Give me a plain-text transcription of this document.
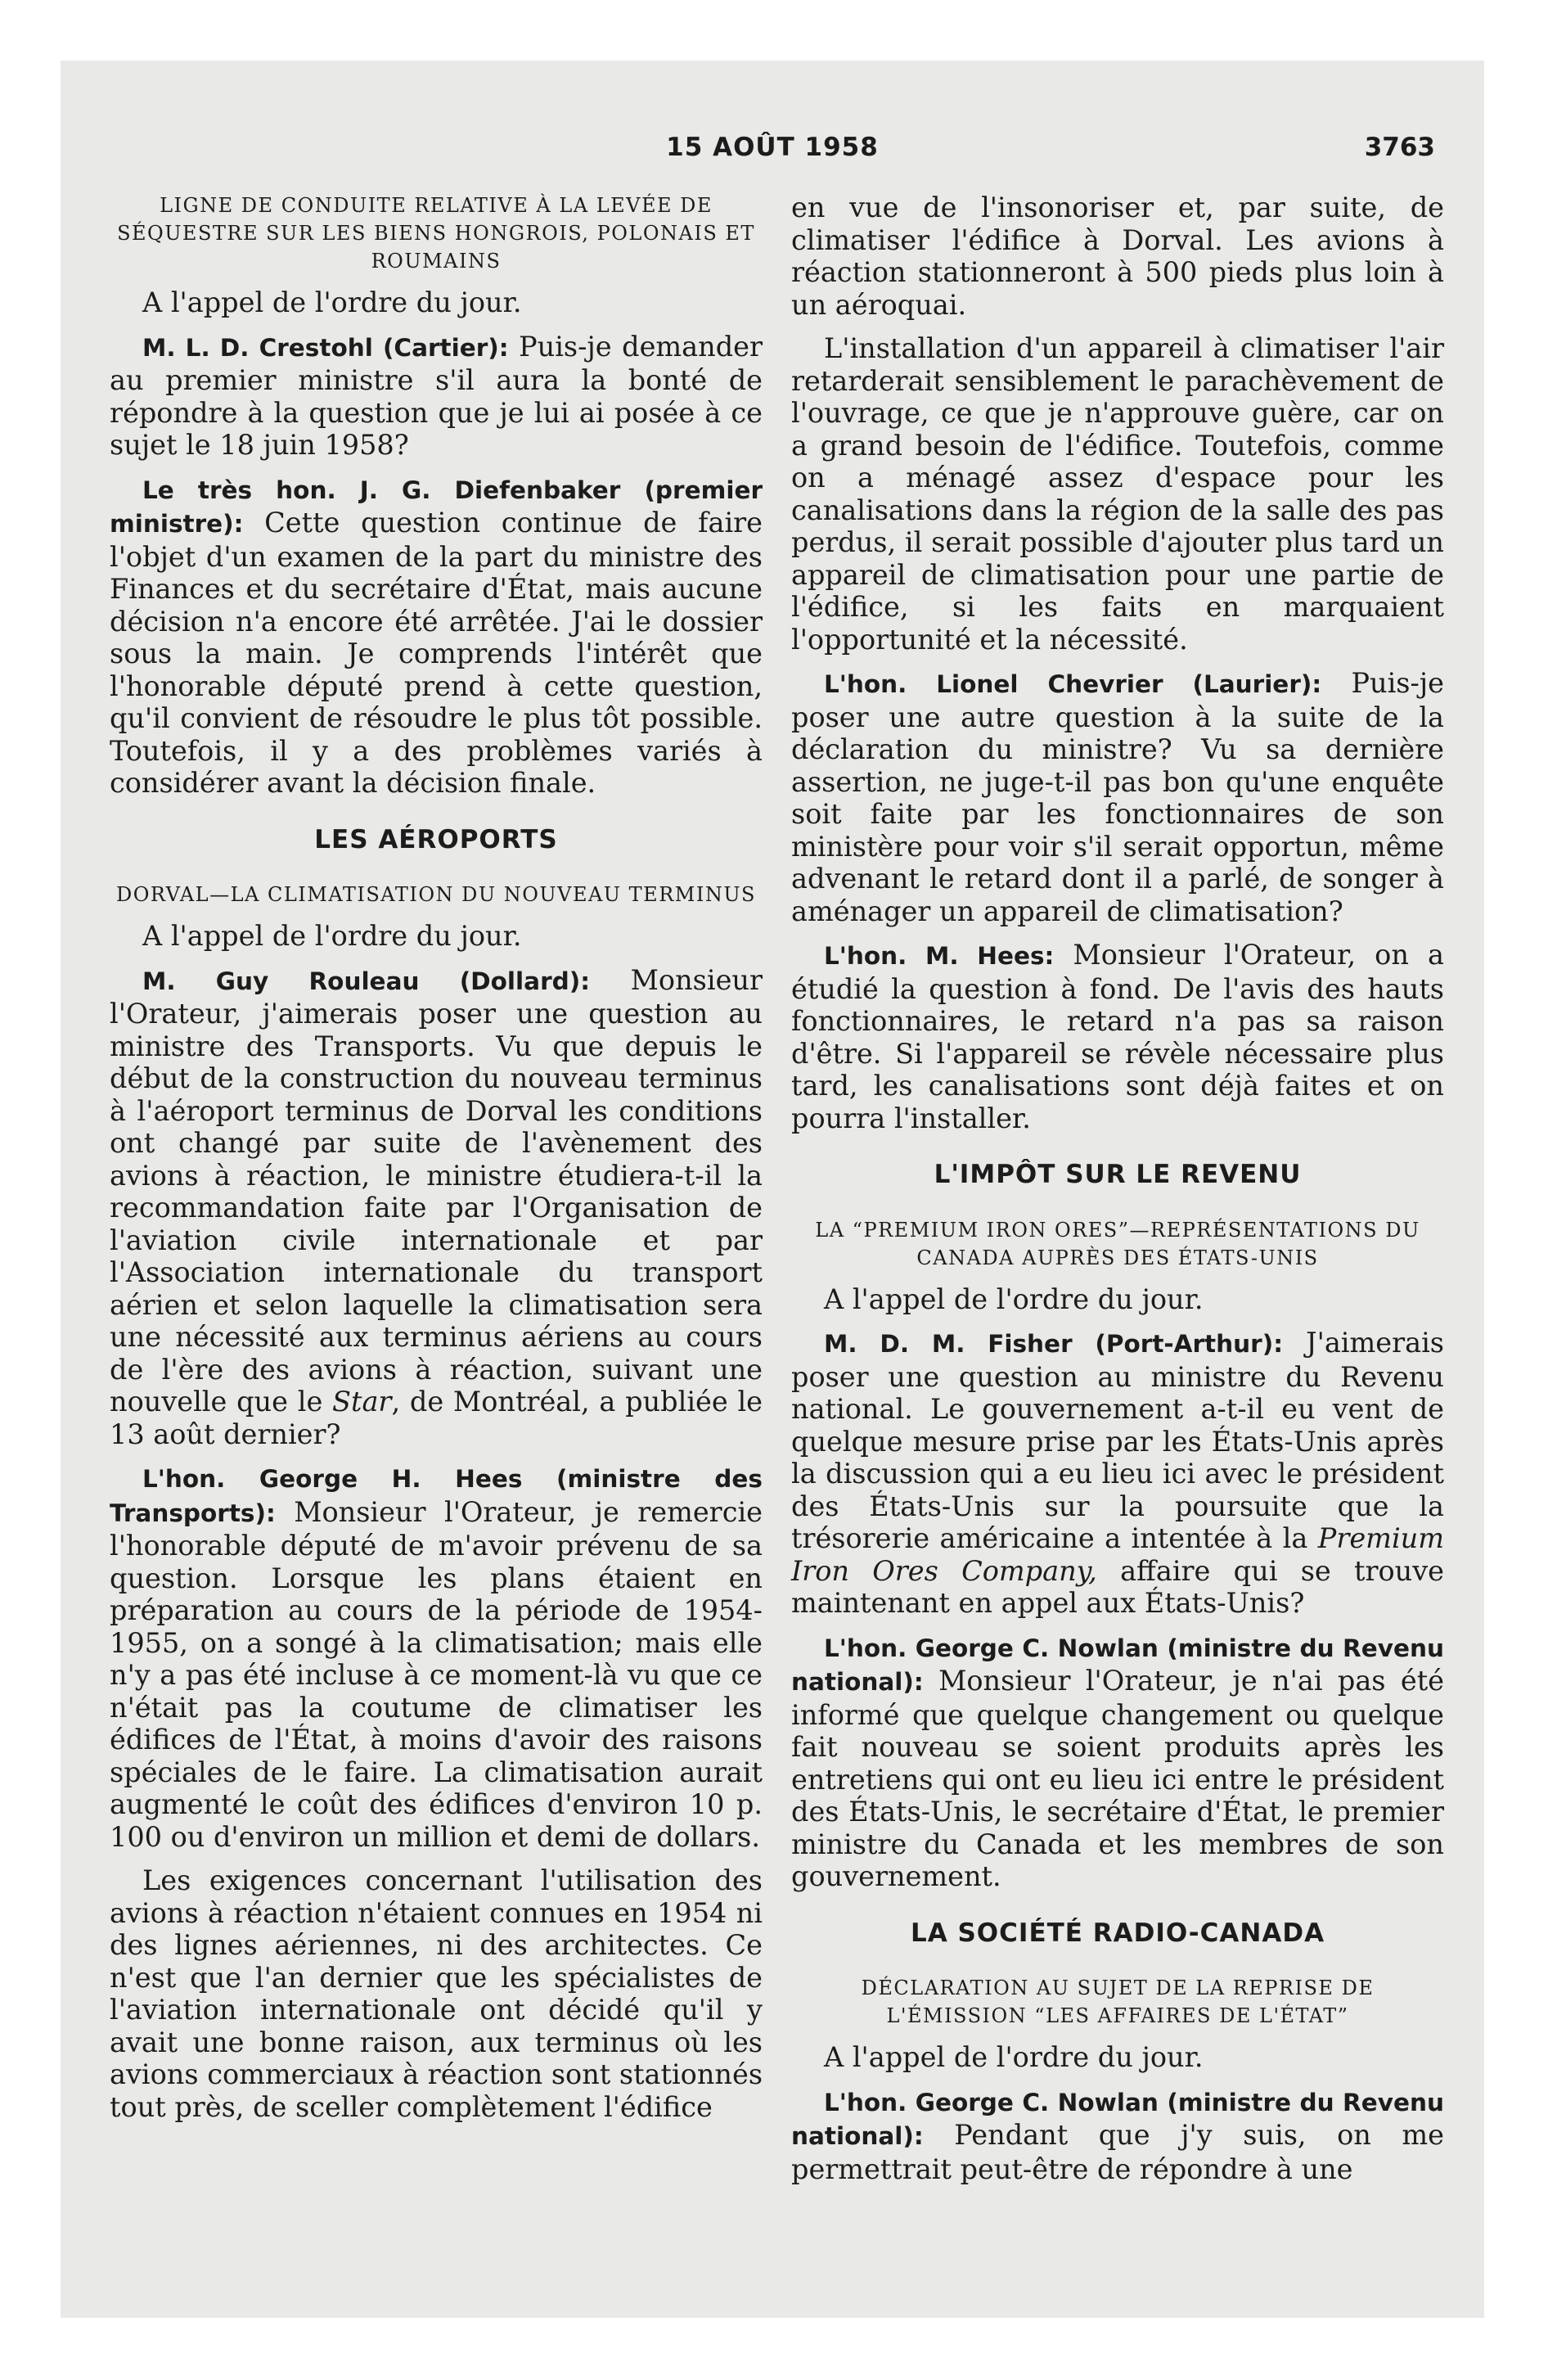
15 AOÛT 1958	3763
LIGNE DE CONDUITE RELATIVE À LA LEVÉE DE SÉQUESTRE SUR LES BIENS HONGROIS, POLONAIS ET ROUMAINS

A l'appel de l'ordre du jour.

M. L. D. Crestohl (Cartier): Puis-je demander au premier ministre s'il aura la bonté de répondre à la question que je lui ai posée à ce sujet le 18 juin 1958?

Le très hon. J. G. Diefenbaker (premier ministre): Cette question continue de faire l'objet d'un examen de la part du ministre des Finances et du secrétaire d'État, mais aucune décision n'a encore été arrêtée. J'ai le dossier sous la main. Je comprends l'intérêt que l'honorable député prend à cette question, qu'il convient de résoudre le plus tôt possible. Toutefois, il y a des problèmes variés à considérer avant la décision finale.

LES AÉROPORTS
DORVAL—LA CLIMATISATION DU NOUVEAU TERMINUS

A l'appel de l'ordre du jour.

M. Guy Rouleau (Dollard): Monsieur l'Orateur, j'aimerais poser une question au ministre des Transports. Vu que depuis le début de la construction du nouveau terminus à l'aéroport terminus de Dorval les conditions ont changé par suite de l'avènement des avions à réaction, le ministre étudiera-t-il la recommandation faite par l'Organisation de l'aviation civile internationale et par l'Association internationale du transport aérien et selon laquelle la climatisation sera une nécessité aux terminus aériens au cours de l'ère des avions à réaction, suivant une nouvelle que le Star, de Montréal, a publiée le 13 août dernier?

L'hon. George H. Hees (ministre des Transports): Monsieur l'Orateur, je remercie l'honorable député de m'avoir prévenu de sa question. Lorsque les plans étaient en préparation au cours de la période de 1954-1955, on a songé à la climatisation; mais elle n'y a pas été incluse à ce moment-là vu que ce n'était pas la coutume de climatiser les édifices de l'État, à moins d'avoir des raisons spéciales de le faire. La climatisation aurait augmenté le coût des édifices d'environ 10 p. 100 ou d'environ un million et demi de dollars.

Les exigences concernant l'utilisation des avions à réaction n'étaient connues en 1954 ni des lignes aériennes, ni des architectes. Ce n'est que l'an dernier que les spécialistes de l'aviation internationale ont décidé qu'il y avait une bonne raison, aux terminus où les avions commerciaux à réaction sont stationnés tout près, de sceller complètement l'édifice

en vue de l'insonoriser et, par suite, de climatiser l'édifice à Dorval. Les avions à réaction stationneront à 500 pieds plus loin à un aéroquai.

L'installation d'un appareil à climatiser l'air retarderait sensiblement le parachèvement de l'ouvrage, ce que je n'approuve guère, car on a grand besoin de l'édifice. Toutefois, comme on a ménagé assez d'espace pour les canalisations dans la région de la salle des pas perdus, il serait possible d'ajouter plus tard un appareil de climatisation pour une partie de l'édifice, si les faits en marquaient l'opportunité et la nécessité.

L'hon. Lionel Chevrier (Laurier): Puis-je poser une autre question à la suite de la déclaration du ministre? Vu sa dernière assertion, ne juge-t-il pas bon qu'une enquête soit faite par les fonctionnaires de son ministère pour voir s'il serait opportun, même advenant le retard dont il a parlé, de songer à aménager un appareil de climatisation?

L'hon. M. Hees: Monsieur l'Orateur, on a étudié la question à fond. De l'avis des hauts fonctionnaires, le retard n'a pas sa raison d'être. Si l'appareil se révèle nécessaire plus tard, les canalisations sont déjà faites et on pourra l'installer.

L'IMPÔT SUR LE REVENU
LA “PREMIUM IRON ORES”—REPRÉSENTATIONS DU CANADA AUPRÈS DES ÉTATS-UNIS

A l'appel de l'ordre du jour.

M. D. M. Fisher (Port-Arthur): J'aimerais poser une question au ministre du Revenu national. Le gouvernement a-t-il eu vent de quelque mesure prise par les États-Unis après la discussion qui a eu lieu ici avec le président des États-Unis sur la poursuite que la trésorerie américaine a intentée à la Premium Iron Ores Company, affaire qui se trouve maintenant en appel aux États-Unis?

L'hon. George C. Nowlan (ministre du Revenu national): Monsieur l'Orateur, je n'ai pas été informé que quelque changement ou quelque fait nouveau se soient produits après les entretiens qui ont eu lieu ici entre le président des États-Unis, le secrétaire d'État, le premier ministre du Canada et les membres de son gouvernement.

LA SOCIÉTÉ RADIO-CANADA
DÉCLARATION AU SUJET DE LA REPRISE DE L'ÉMISSION “LES AFFAIRES DE L'ÉTAT”

A l'appel de l'ordre du jour.

L'hon. George C. Nowlan (ministre du Revenu national): Pendant que j'y suis, on me permettrait peut-être de répondre à une
